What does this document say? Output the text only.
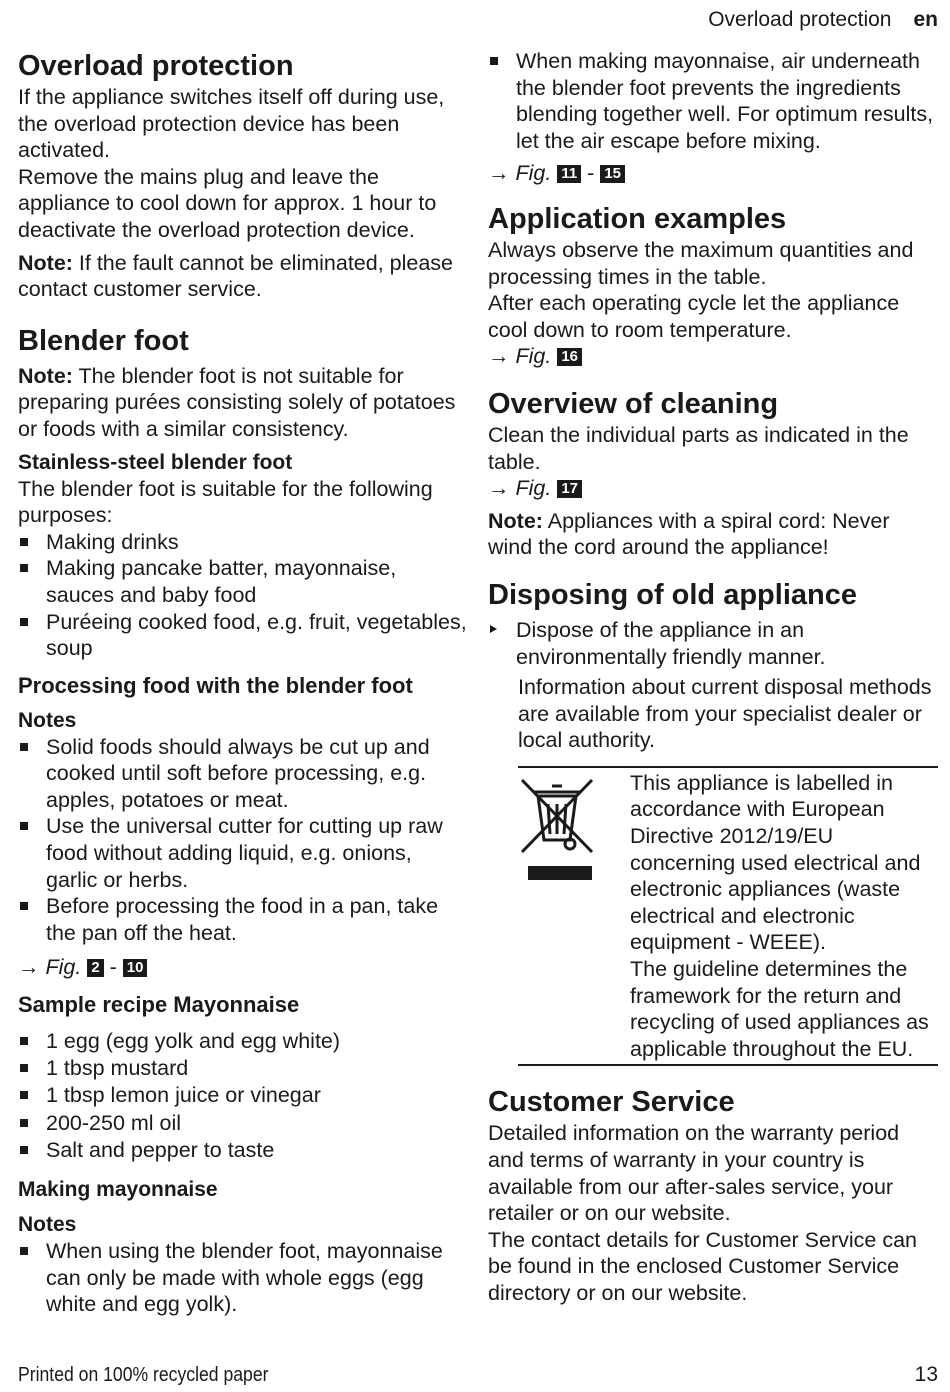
Overload protection en
Overload protection

If the appliance switches itself off during use, the overload protection device has been activated.

Remove the mains plug and leave the appliance to cool down for approx. 1 hour to deactivate the overload protection device.

Note: If the fault cannot be eliminated, please contact customer service.

Blender foot

Note: The blender foot is not suitable for preparing purées consisting solely of potatoes or foods with a similar consistency.

Stainless-steel blender foot

The blender foot is suitable for the following purposes:

Making drinks
Making pancake batter, mayonnaise, sauces and baby food
Puréeing cooked food, e.g. fruit, vegetables, soup
Processing food with the blender foot
Notes
Solid foods should always be cut up and cooked until soft before processing, e.g. apples, potatoes or meat.
Use the universal cutter for cutting up raw food without adding liquid, e.g. onions, garlic or herbs.
Before processing the food in a pan, take the pan off the heat.

→ Fig. 2 - 10

Sample recipe Mayonnaise
1 egg (egg yolk and egg white)
1 tbsp mustard
1 tbsp lemon juice or vinegar
200-250 ml oil
Salt and pepper to taste
Making mayonnaise
Notes
When using the blender foot, mayonnaise can only be made with whole eggs (egg white and egg yolk).
When making mayonnaise, air underneath the blender foot prevents the ingredients blending together well. For optimum results, let the air escape before mixing.

→ Fig. 11 - 15

Application examples

Always observe the maximum quantities and processing times in the table.

After each operating cycle let the appliance cool down to room temperature.

→ Fig. 16

Overview of cleaning

Clean the individual parts as indicated in the table.

→ Fig. 17

Note: Appliances with a spiral cord: Never wind the cord around the appliance!

Disposing of old appliance
Dispose of the appliance in an environmentally friendly manner.

Information about current disposal methods are available from your specialist dealer or local authority.

This appliance is labelled in accordance with European Directive 2012/19/EU concerning used electrical and electronic appliances (waste electrical and electronic equipment - WEEE).

The guideline determines the framework for the return and recycling of used appliances as applicable throughout the EU.

Customer Service

Detailed information on the warranty period and terms of warranty in your country is available from our after-sales service, your retailer or on our website.

The contact details for Customer Service can be found in the enclosed Customer Service directory or on our website.

Printed on 100% recycled paper	13
